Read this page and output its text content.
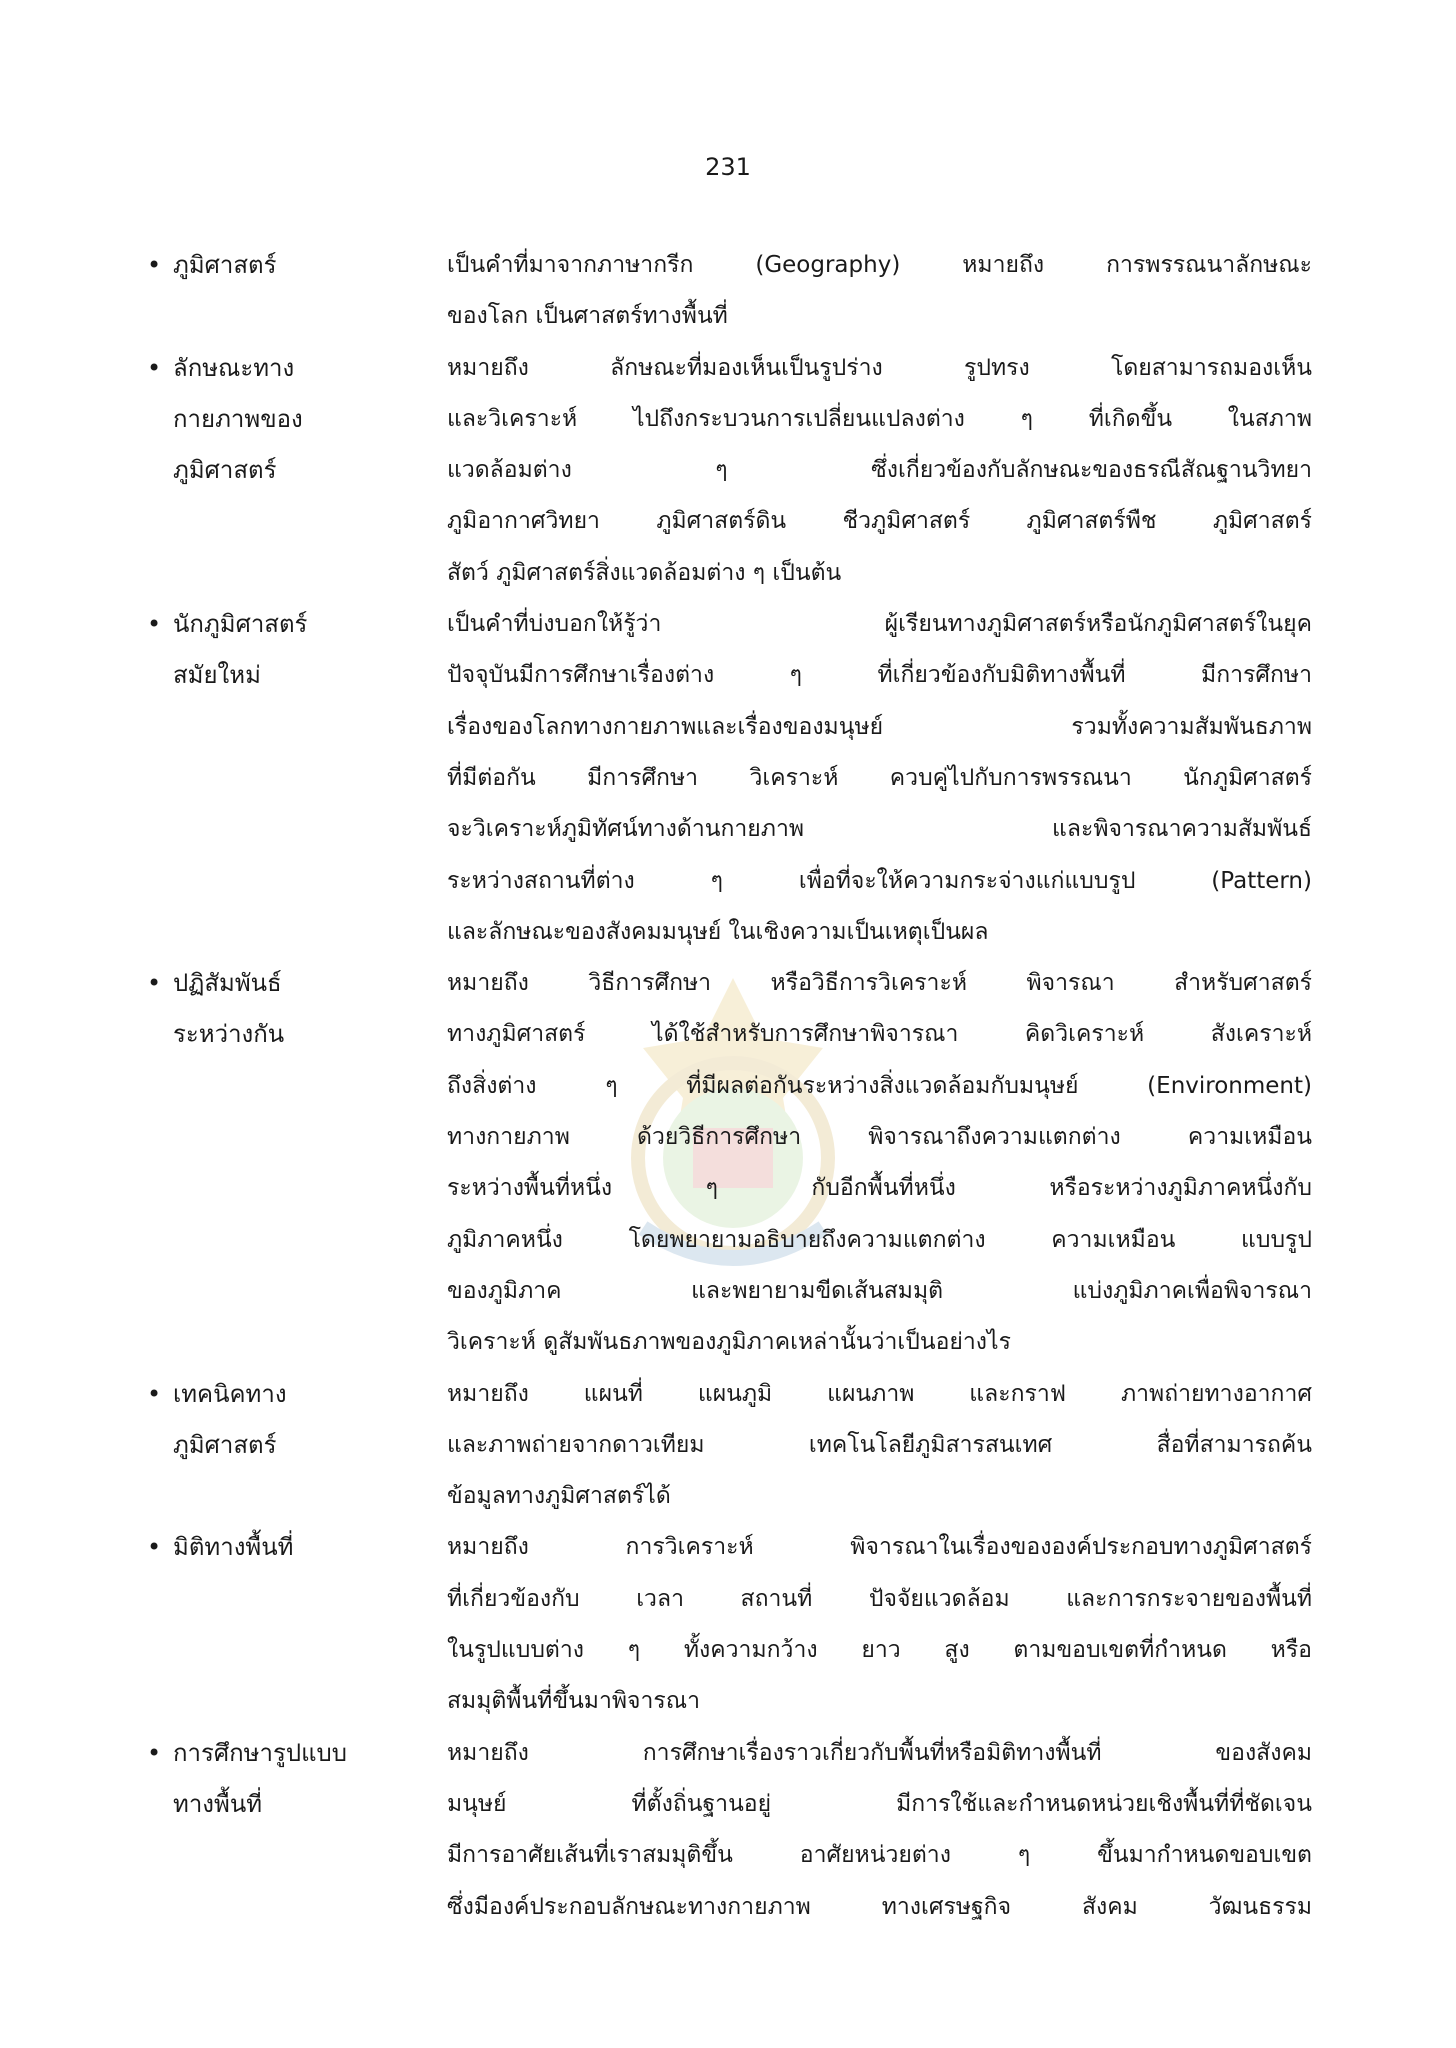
231
• ภูมิศาสตร์	เป็นคำที่มาจากภาษากรีก (Geography) หมายถึง การพรรณนาลักษณะ
ของโลก เป็นศาสตร์ทางพื้นที่
• ลักษณะทาง
กายภาพของ
ภูมิศาสตร์
หมายถึง ลักษณะที่มองเห็นเป็นรูปร่าง รูปทรง โดยสามารถมองเห็น
และวิเคราะห์ ไปถึงกระบวนการเปลี่ยนแปลงต่าง ๆ ที่เกิดขึ้น ในสภาพ
แวดล้อมต่าง ๆ ซึ่งเกี่ยวข้องกับลักษณะของธรณีสัณฐานวิทยา
ภูมิอากาศวิทยา ภูมิศาสตร์ดิน ชีวภูมิศาสตร์ ภูมิศาสตร์พืช ภูมิศาสตร์
สัตว์ ภูมิศาสตร์สิ่งแวดล้อมต่าง ๆ เป็นต้น
• นักภูมิศาสตร์
สมัยใหม่
เป็นคำที่บ่งบอกให้รู้ว่า ผู้เรียนทางภูมิศาสตร์หรือนักภูมิศาสตร์ในยุค
ปัจจุบันมีการศึกษาเรื่องต่าง ๆ ที่เกี่ยวข้องกับมิติทางพื้นที่ มีการศึกษา
เรื่องของโลกทางกายภาพและเรื่องของมนุษย์ รวมทั้งความสัมพันธภาพ
ที่มีต่อกัน มีการศึกษา วิเคราะห์ ควบคู่ไปกับการพรรณนา นักภูมิศาสตร์
จะวิเคราะห์ภูมิทัศน์ทางด้านกายภาพ และพิจารณาความสัมพันธ์
ระหว่างสถานที่ต่าง ๆ เพื่อที่จะให้ความกระจ่างแก่แบบรูป (Pattern)
และลักษณะของสังคมมนุษย์ ในเชิงความเป็นเหตุเป็นผล
• ปฏิสัมพันธ์
ระหว่างกัน
หมายถึง วิธีการศึกษา หรือวิธีการวิเคราะห์ พิจารณา สำหรับศาสตร์
ทางภูมิศาสตร์ ได้ใช้สำหรับการศึกษาพิจารณา คิดวิเคราะห์ สังเคราะห์
ถึงสิ่งต่าง ๆ ที่มีผลต่อกันระหว่างสิ่งแวดล้อมกับมนุษย์ (Environment)
ทางกายภาพ ด้วยวิธีการศึกษา พิจารณาถึงความแตกต่าง ความเหมือน
ระหว่างพื้นที่หนึ่ง ๆ กับอีกพื้นที่หนึ่ง หรือระหว่างภูมิภาคหนึ่งกับ
ภูมิภาคหนึ่ง โดยพยายามอธิบายถึงความแตกต่าง ความเหมือน แบบรูป
ของภูมิภาค และพยายามขีดเส้นสมมุติ แบ่งภูมิภาคเพื่อพิจารณา
วิเคราะห์ ดูสัมพันธภาพของภูมิภาคเหล่านั้นว่าเป็นอย่างไร
• เทคนิคทาง
ภูมิศาสตร์
หมายถึง แผนที่ แผนภูมิ แผนภาพ และกราฟ ภาพถ่ายทางอากาศ
และภาพถ่ายจากดาวเทียม เทคโนโลยีภูมิสารสนเทศ สื่อที่สามารถค้น
ข้อมูลทางภูมิศาสตร์ได้
• มิติทางพื้นที่	หมายถึง การวิเคราะห์ พิจารณาในเรื่องขององค์ประกอบทางภูมิศาสตร์
ที่เกี่ยวข้องกับ เวลา สถานที่ ปัจจัยแวดล้อม และการกระจายของพื้นที่
ในรูปแบบต่าง ๆ ทั้งความกว้าง ยาว สูง ตามขอบเขตที่กำหนด หรือ
สมมุติพื้นที่ขึ้นมาพิจารณา
• การศึกษารูปแบบ
ทางพื้นที่
หมายถึง การศึกษาเรื่องราวเกี่ยวกับพื้นที่หรือมิติทางพื้นที่ ของสังคม
มนุษย์ ที่ตั้งถิ่นฐานอยู่ มีการใช้และกำหนดหน่วยเชิงพื้นที่ที่ชัดเจน
มีการอาศัยเส้นที่เราสมมุติขึ้น อาศัยหน่วยต่าง ๆ ขึ้นมากำหนดขอบเขต
ซึ่งมีองค์ประกอบลักษณะทางกายภาพ ทางเศรษฐกิจ สังคม วัฒนธรรม
